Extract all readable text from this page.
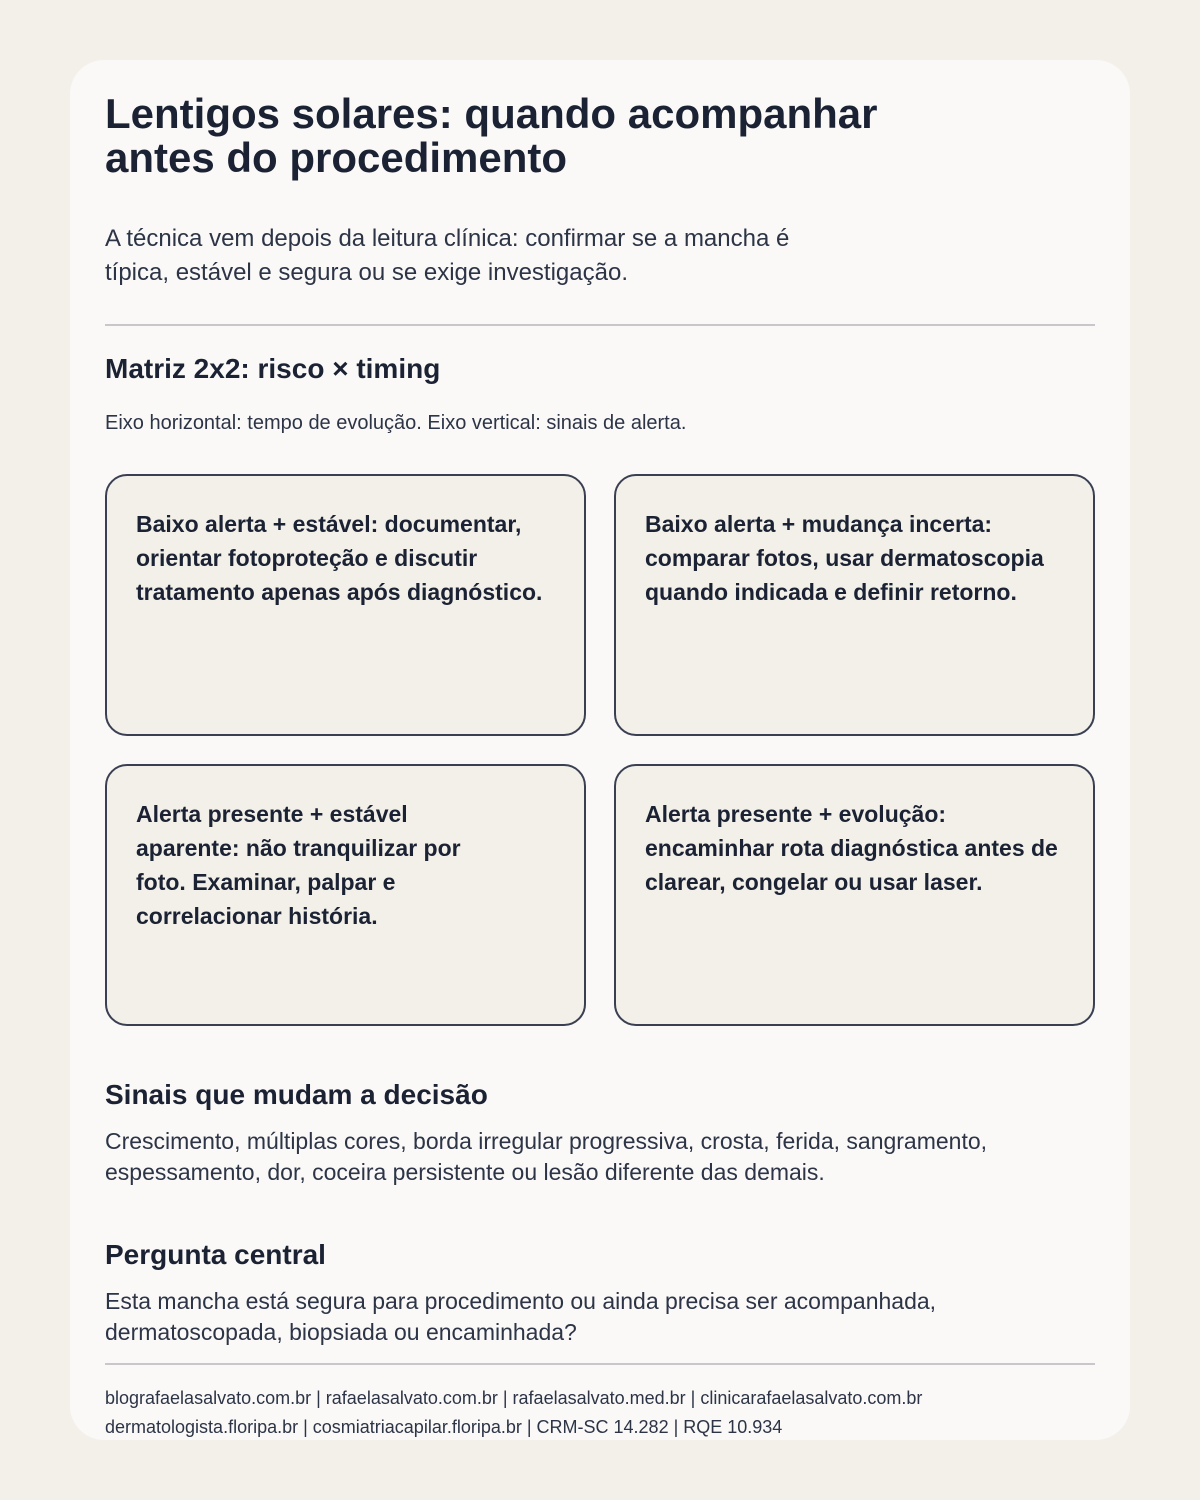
Lentigos solares: quando acompanhar antes do procedimento

A técnica vem depois da leitura clínica: confirmar se a mancha é típica, estável e segura ou se exige investigação.

Matriz 2x2: risco × timing

Eixo horizontal: tempo de evolução. Eixo vertical: sinais de alerta.

Baixo alerta + estável: documentar, orientar fotoproteção e discutir tratamento apenas após diagnóstico.
Baixo alerta + mudança incerta: comparar fotos, usar dermatoscopia quando indicada e definir retorno.
Alerta presente + estável aparente: não tranquilizar por foto. Examinar, palpar e correlacionar história.
Alerta presente + evolução: encaminhar rota diagnóstica antes de clarear, congelar ou usar laser.
Sinais que mudam a decisão

Crescimento, múltiplas cores, borda irregular progressiva, crosta, ferida, sangramento, espessamento, dor, coceira persistente ou lesão diferente das demais.

Pergunta central

Esta mancha está segura para procedimento ou ainda precisa ser acompanhada, dermatoscopada, biopsiada ou encaminhada?

blografaelasalvato.com.br | rafaelasalvato.com.br | rafaelasalvato.med.br | clinicarafaelasalvato.com.br
dermatologista.floripa.br | cosmiatriacapilar.floripa.br | CRM-SC 14.282 | RQE 10.934
